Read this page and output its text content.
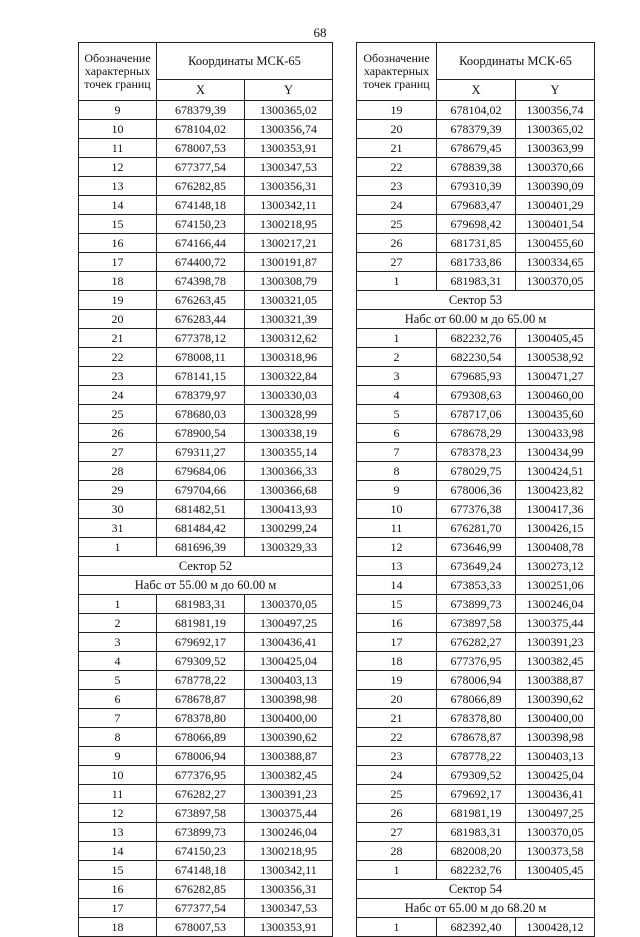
68
Обозначение характерных точек границ	Координаты МСК-65	
	X	Y
9	678379,39	1300365,02
10	678104,02	1300356,74
11	678007,53	1300353,91
12	677377,54	1300347,53
13	676282,85	1300356,31
14	674148,18	1300342,11
15	674150,23	1300218,95
16	674166,44	1300217,21
17	674400,72	1300191,87
18	674398,78	1300308,79
19	676263,45	1300321,05
20	676283,44	1300321,39
21	677378,12	1300312,62
22	678008,11	1300318,96
23	678141,15	1300322,84
24	678379,97	1300330,03
25	678680,03	1300328,99
26	678900,54	1300338,19
27	679311,27	1300355,14
28	679684,06	1300366,33
29	679704,66	1300366,68
30	681482,51	1300413,93
31	681484,42	1300299,24
1	681696,39	1300329,33
Сектор 52		
Набс от 55.00 м до 60.00 м		
1	681983,31	1300370,05
2	681981,19	1300497,25
3	679692,17	1300436,41
4	679309,52	1300425,04
5	678778,22	1300403,13
6	678678,87	1300398,98
7	678378,80	1300400,00
8	678066,89	1300390,62
9	678006,94	1300388,87
10	677376,95	1300382,45
11	676282,27	1300391,23
12	673897,58	1300375,44
13	673899,73	1300246,04
14	674150,23	1300218,95
15	674148,18	1300342,11
16	676282,85	1300356,31
17	677377,54	1300347,53
18	678007,53	1300353,91
Обозначение характерных точек границ	Координаты МСК-65	
	X	Y
19	678104,02	1300356,74
20	678379,39	1300365,02
21	678679,45	1300363,99
22	678839,38	1300370,66
23	679310,39	1300390,09
24	679683,47	1300401,29
25	679698,42	1300401,54
26	681731,85	1300455,60
27	681733,86	1300334,65
1	681983,31	1300370,05
Сектор 53		
Набс от 60.00 м до 65.00 м		
1	682232,76	1300405,45
2	682230,54	1300538,92
3	679685,93	1300471,27
4	679308,63	1300460,00
5	678717,06	1300435,60
6	678678,29	1300433,98
7	678378,23	1300434,99
8	678029,75	1300424,51
9	678006,36	1300423,82
10	677376,38	1300417,36
11	676281,70	1300426,15
12	673646,99	1300408,78
13	673649,24	1300273,12
14	673853,33	1300251,06
15	673899,73	1300246,04
16	673897,58	1300375,44
17	676282,27	1300391,23
18	677376,95	1300382,45
19	678006,94	1300388,87
20	678066,89	1300390,62
21	678378,80	1300400,00
22	678678,87	1300398,98
23	678778,22	1300403,13
24	679309,52	1300425,04
25	679692,17	1300436,41
26	681981,19	1300497,25
27	681983,31	1300370,05
28	682008,20	1300373,58
1	682232,76	1300405,45
Сектор 54		
Набс от 65.00 м до 68.20 м		
1	682392,40	1300428,12
